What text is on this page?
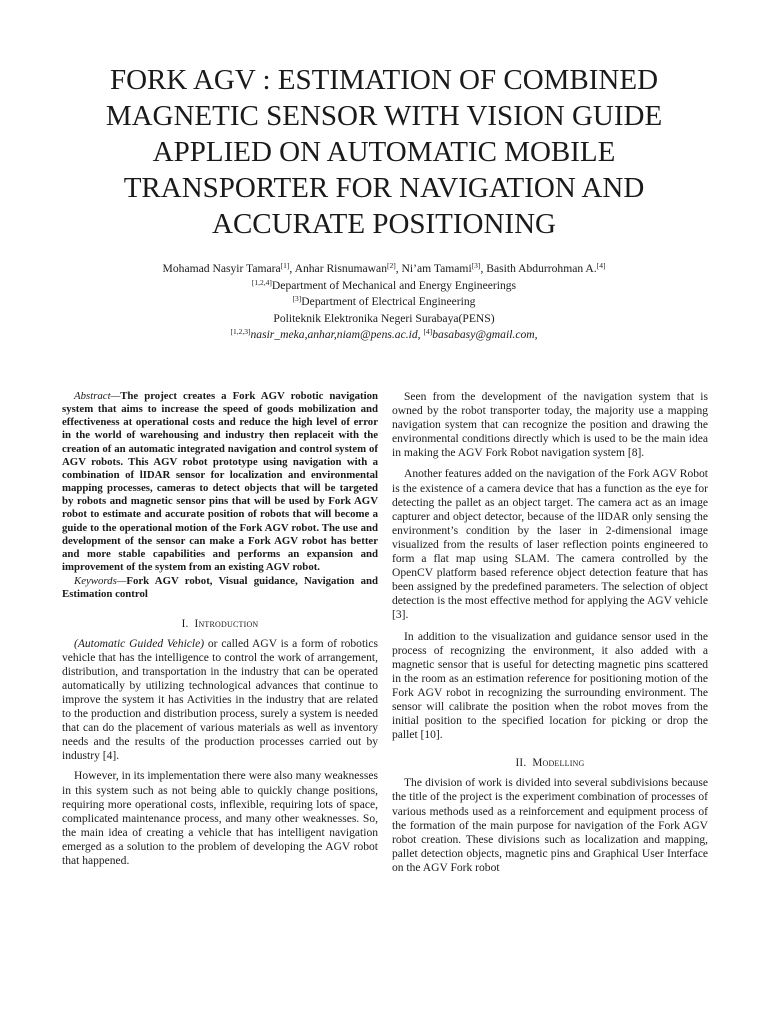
FORK AGV : ESTIMATION OF COMBINED
MAGNETIC SENSOR WITH VISION GUIDE
APPLIED ON AUTOMATIC MOBILE
TRANSPORTER FOR NAVIGATION AND
ACCURATE POSITIONING
Mohamad Nasyir Tamara[1], Anhar Risnumawan[2], Ni’am Tamami[3], Basith Abdurrohman A.[4]
[1,2,4]Department of Mechanical and Energy Engineerings
[3]Department of Electrical Engineering
Politeknik Elektronika Negeri Surabaya(PENS)
[1,2,3]nasir_meka,anhar,niam@pens.ac.id, [4]basabasy@gmail.com,

Abstract—The project creates a Fork AGV robotic navigation system that aims to increase the speed of goods mobilization and effectiveness at operational costs and reduce the high level of error in the world of warehousing and industry then replaceit with the creation of an automatic integrated navigation and control system of AGV robots. This AGV robot prototype using navigation with a combination of lIDAR sensor for localization and environmental mapping processes, cameras to detect objects that will be targeted by robots and magnetic sensor pins that will be used by Fork AGV robot to estimate and accurate position of robots that will become a guide to the operational motion of the Fork AGV robot. The use and development of the sensor can make a Fork AGV robot has better and more stable capabilities and performs an expansion and improvement of the system from an existing AGV robot.

Keywords—Fork AGV robot, Visual guidance, Navigation and Estimation control

I. Introduction

(Automatic Guided Vehicle) or called AGV is a form of robotics vehicle that has the intelligence to control the work of arrangement, distribution, and transportation in the industry that can be operated automatically by utilizing technological advances that continue to improve the system it has Activities in the industry that are related to the production and distribution process, surely a system is needed that can do the placement of various materials as well as inventory needs and the results of the production processes carried out by industry [4].

However, in its implementation there were also many weaknesses in this system such as not being able to quickly change positions, requiring more operational costs, inflexible, requiring lots of space, complicated maintenance process, and many other weaknesses. So, the main idea of creating a vehicle that has intelligent navigation emerged as a solution to the problem of developing the AGV robot that happened.

Seen from the development of the navigation system that is owned by the robot transporter today, the majority use a mapping navigation system that can recognize the position and drawing the environmental conditions directly which is used to be the main idea in making the AGV Fork Robot navigation system [8].

Another features added on the navigation of the Fork AGV Robot is the existence of a camera device that has a function as the eye for detecting the pallet as an object target. The camera act as an image capturer and object detector, because of the lIDAR only sensing the environment’s condition by the laser in 2-dimensional image visualized from the results of laser reflection points engineered to form a flat map using SLAM. The camera controlled by the OpenCV platform based reference object detection feature that has been assigned by the predefined parameters. The selection of object detection is the most effective method for applying the AGV vehicle [3].

In addition to the visualization and guidance sensor used in the process of recognizing the environment, it also added with a magnetic sensor that is useful for detecting magnetic pins scattered in the room as an estimation reference for positioning motion of the Fork AGV robot in recognizing the surrounding environment. The sensor will calibrate the position when the robot moves from the initial position to the specified location for picking or drop the pallet [10].

II. Modelling

The division of work is divided into several subdivisions because the title of the project is the experiment combination of processes of various methods used as a reinforcement and equipment process of the formation of the main purpose for navigation of the Fork AGV robot creation. These divisions such as localization and mapping, pallet detection objects, magnetic pins and Graphical User Interface on the AGV Fork robot
